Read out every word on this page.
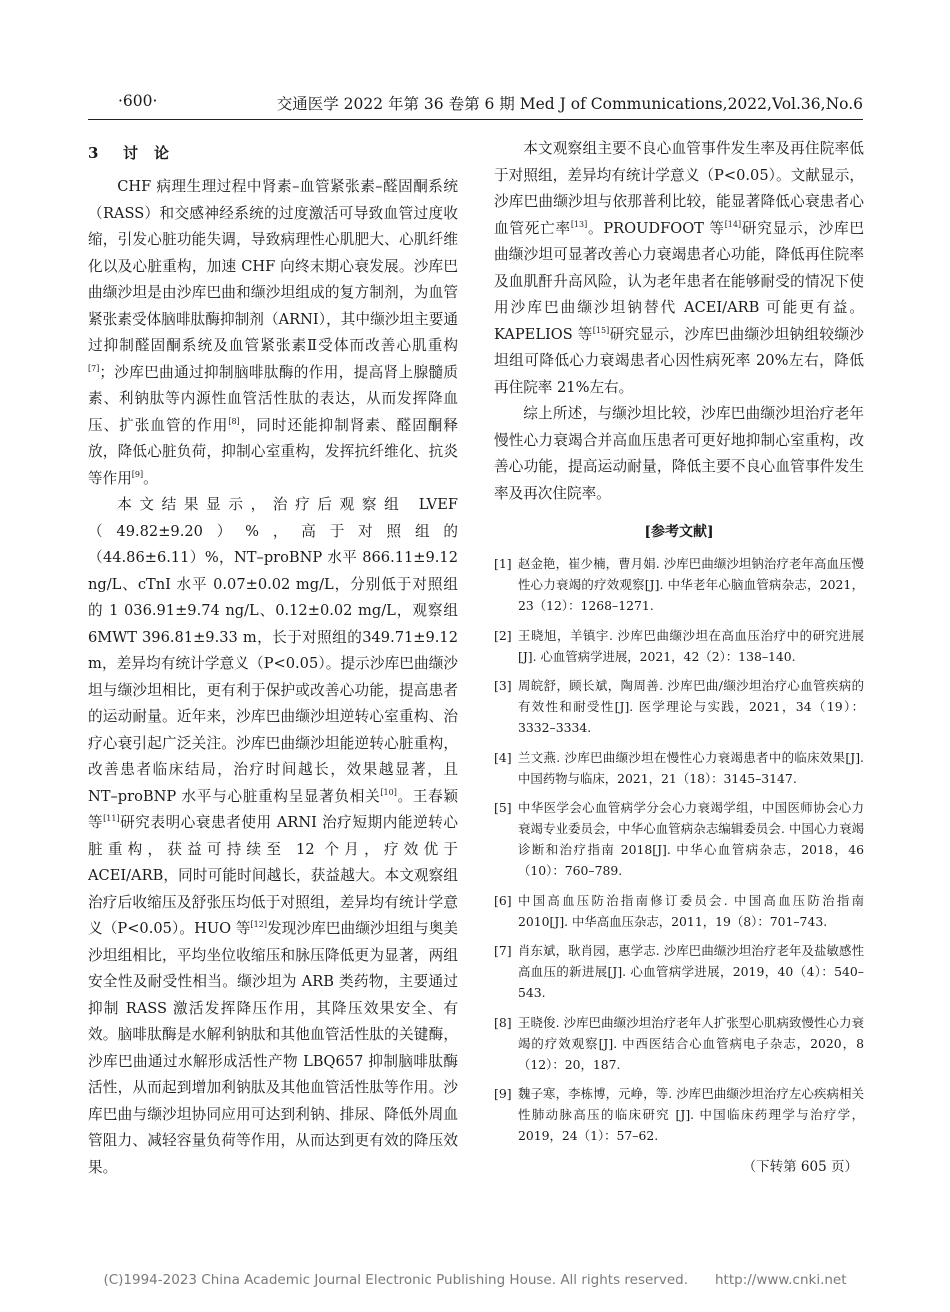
·600·	交通医学 2022 年第 36 卷第 6 期 Med J of Communications,2022,Vol.36,No.6
3 讨　论

CHF 病理生理过程中肾素–血管紧张素–醛固酮系统（RASS）和交感神经系统的过度激活可导致血管过度收缩，引发心脏功能失调，导致病理性心肌肥大、心肌纤维化以及心脏重构，加速 CHF 向终末期心衰发展。沙库巴曲缬沙坦是由沙库巴曲和缬沙坦组成的复方制剂，为血管紧张素受体脑啡肽酶抑制剂（ARNI），其中缬沙坦主要通过抑制醛固酮系统及血管紧张素Ⅱ受体而改善心肌重构[7]；沙库巴曲通过抑制脑啡肽酶的作用，提高肾上腺髓质素、利钠肽等内源性血管活性肽的表达，从而发挥降血压、扩张血管的作用[8]，同时还能抑制肾素、醛固酮释放，降低心脏负荷，抑制心室重构，发挥抗纤维化、抗炎等作用[9]。

本文结果显示，治疗后观察组 LVEF（49.82±9.20）%，高于对照组的（44.86±6.11）%，NT–proBNP 水平 866.11±9.12 ng/L、cTnI 水平 0.07±0.02 mg/L，分别低于对照组的 1 036.91±9.74 ng/L、0.12±0.02 mg/L，观察组 6MWT 396.81±9.33 m，长于对照组的349.71±9.12 m，差异均有统计学意义（P<0.05）。提示沙库巴曲缬沙坦与缬沙坦相比，更有利于保护或改善心功能，提高患者的运动耐量。近年来，沙库巴曲缬沙坦逆转心室重构、治疗心衰引起广泛关注。沙库巴曲缬沙坦能逆转心脏重构，改善患者临床结局，治疗时间越长，效果越显著，且 NT–proBNP 水平与心脏重构呈显著负相关[10]。王春颖等[11]研究表明心衰患者使用 ARNI 治疗短期内能逆转心脏重构，获益可持续至 12 个月，疗效优于 ACEI/ARB，同时可能时间越长，获益越大。本文观察组治疗后收缩压及舒张压均低于对照组，差异均有统计学意义（P<0.05）。HUO 等[12]发现沙库巴曲缬沙坦组与奥美沙坦组相比，平均坐位收缩压和脉压降低更为显著，两组安全性及耐受性相当。缬沙坦为 ARB 类药物，主要通过抑制 RASS 激活发挥降压作用，其降压效果安全、有效。脑啡肽酶是水解利钠肽和其他血管活性肽的关键酶，沙库巴曲通过水解形成活性产物 LBQ657 抑制脑啡肽酶活性，从而起到增加利钠肽及其他血管活性肽等作用。沙库巴曲与缬沙坦协同应用可达到利钠、排尿、降低外周血管阻力、减轻容量负荷等作用，从而达到更有效的降压效果。

本文观察组主要不良心血管事件发生率及再住院率低于对照组，差异均有统计学意义（P<0.05）。文献显示，沙库巴曲缬沙坦与依那普利比较，能显著降低心衰患者心血管死亡率[13]。PROUDFOOT 等[14]研究显示，沙库巴曲缬沙坦可显著改善心力衰竭患者心功能，降低再住院率及血肌酐升高风险，认为老年患者在能够耐受的情况下使用沙库巴曲缬沙坦钠替代 ACEI/ARB 可能更有益。KAPELIOS 等[15]研究显示，沙库巴曲缬沙坦钠组较缬沙坦组可降低心力衰竭患者心因性病死率 20%左右，降低再住院率 21%左右。

综上所述，与缬沙坦比较，沙库巴曲缬沙坦治疗老年慢性心力衰竭合并高血压患者可更好地抑制心室重构，改善心功能，提高运动耐量，降低主要不良心血管事件发生率及再次住院率。

[参考文献]
[1] 赵金艳，崔少楠，曹月娟. 沙库巴曲缬沙坦钠治疗老年高血压慢性心力衰竭的疗效观察[J]. 中华老年心脑血管病杂志，2021，23（12）：1268–1271.
[2] 王晓旭，羊镇宇. 沙库巴曲缬沙坦在高血压治疗中的研究进展[J]. 心血管病学进展，2021，42（2）：138–140.
[3] 周皖舒，顾长斌，陶周善. 沙库巴曲/缬沙坦治疗心血管疾病的有效性和耐受性[J]. 医学理论与实践，2021，34（19）：3332–3334.
[4] 兰文燕. 沙库巴曲缬沙坦在慢性心力衰竭患者中的临床效果[J]. 中国药物与临床，2021，21（18）：3145–3147.
[5] 中华医学会心血管病学分会心力衰竭学组，中国医师协会心力衰竭专业委员会，中华心血管病杂志编辑委员会. 中国心力衰竭诊断和治疗指南 2018[J]. 中华心血管病杂志，2018，46（10）：760–789.
[6] 中国高血压防治指南修订委员会. 中国高血压防治指南 2010[J]. 中华高血压杂志，2011，19（8）：701–743.
[7] 肖东斌，耿肖园，惠学志. 沙库巴曲缬沙坦治疗老年及盐敏感性高血压的新进展[J]. 心血管病学进展，2019，40（4）：540–543.
[8] 王晓俊. 沙库巴曲缬沙坦治疗老年人扩张型心肌病致慢性心力衰竭的疗效观察[J]. 中西医结合心血管病电子杂志，2020，8（12）：20，187.
[9] 魏子寒，李栋博，元峥，等. 沙库巴曲缬沙坦治疗左心疾病相关性肺动脉高压的临床研究 [J]. 中国临床药理学与治疗学，2019，24（1）：57–62.
（下转第 605 页）
(C)1994-2023 China Academic Journal Electronic Publishing House. All rights reserved.　　http://www.cnki.net
